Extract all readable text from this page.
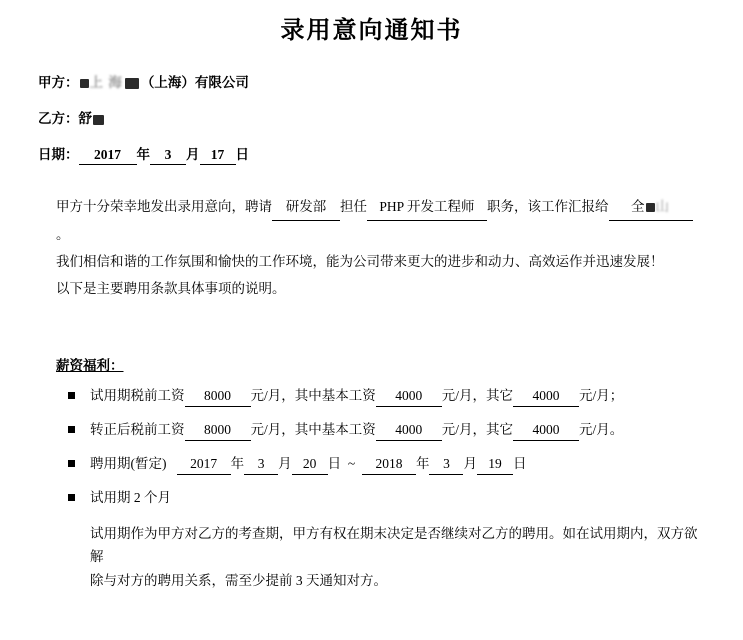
录用意向通知书
甲方： 上 海 （上海）有限公司
乙方：舒
日期： 2017 年 3 月 17 日

甲方十分荣幸地发出录用意向，聘请 研发部 担任 PHP 开发工程师 职务，该工作汇报给 全 山。

我们相信和谐的工作氛围和愉快的工作环境，能为公司带来更大的进步和动力、高效运作并迅速发展！

以下是主要聘用条款具体事项的说明。

薪资福利：
试用期税前工资 8000 元/月，其中基本工资 4000 元/月，其它 4000 元/月；
转正后税前工资 8000 元/月，其中基本工资 4000 元/月，其它 4000 元/月。
聘用期(暂定) 2017 年 3 月 20 日 ~ 2018 年 3 月 19 日
试用期 2 个月

试用期作为甲方对乙方的考查期，甲方有权在期末决定是否继续对乙方的聘用。如在试用期内，双方欲解
除与对方的聘用关系，需至少提前 3 天通知对方。
